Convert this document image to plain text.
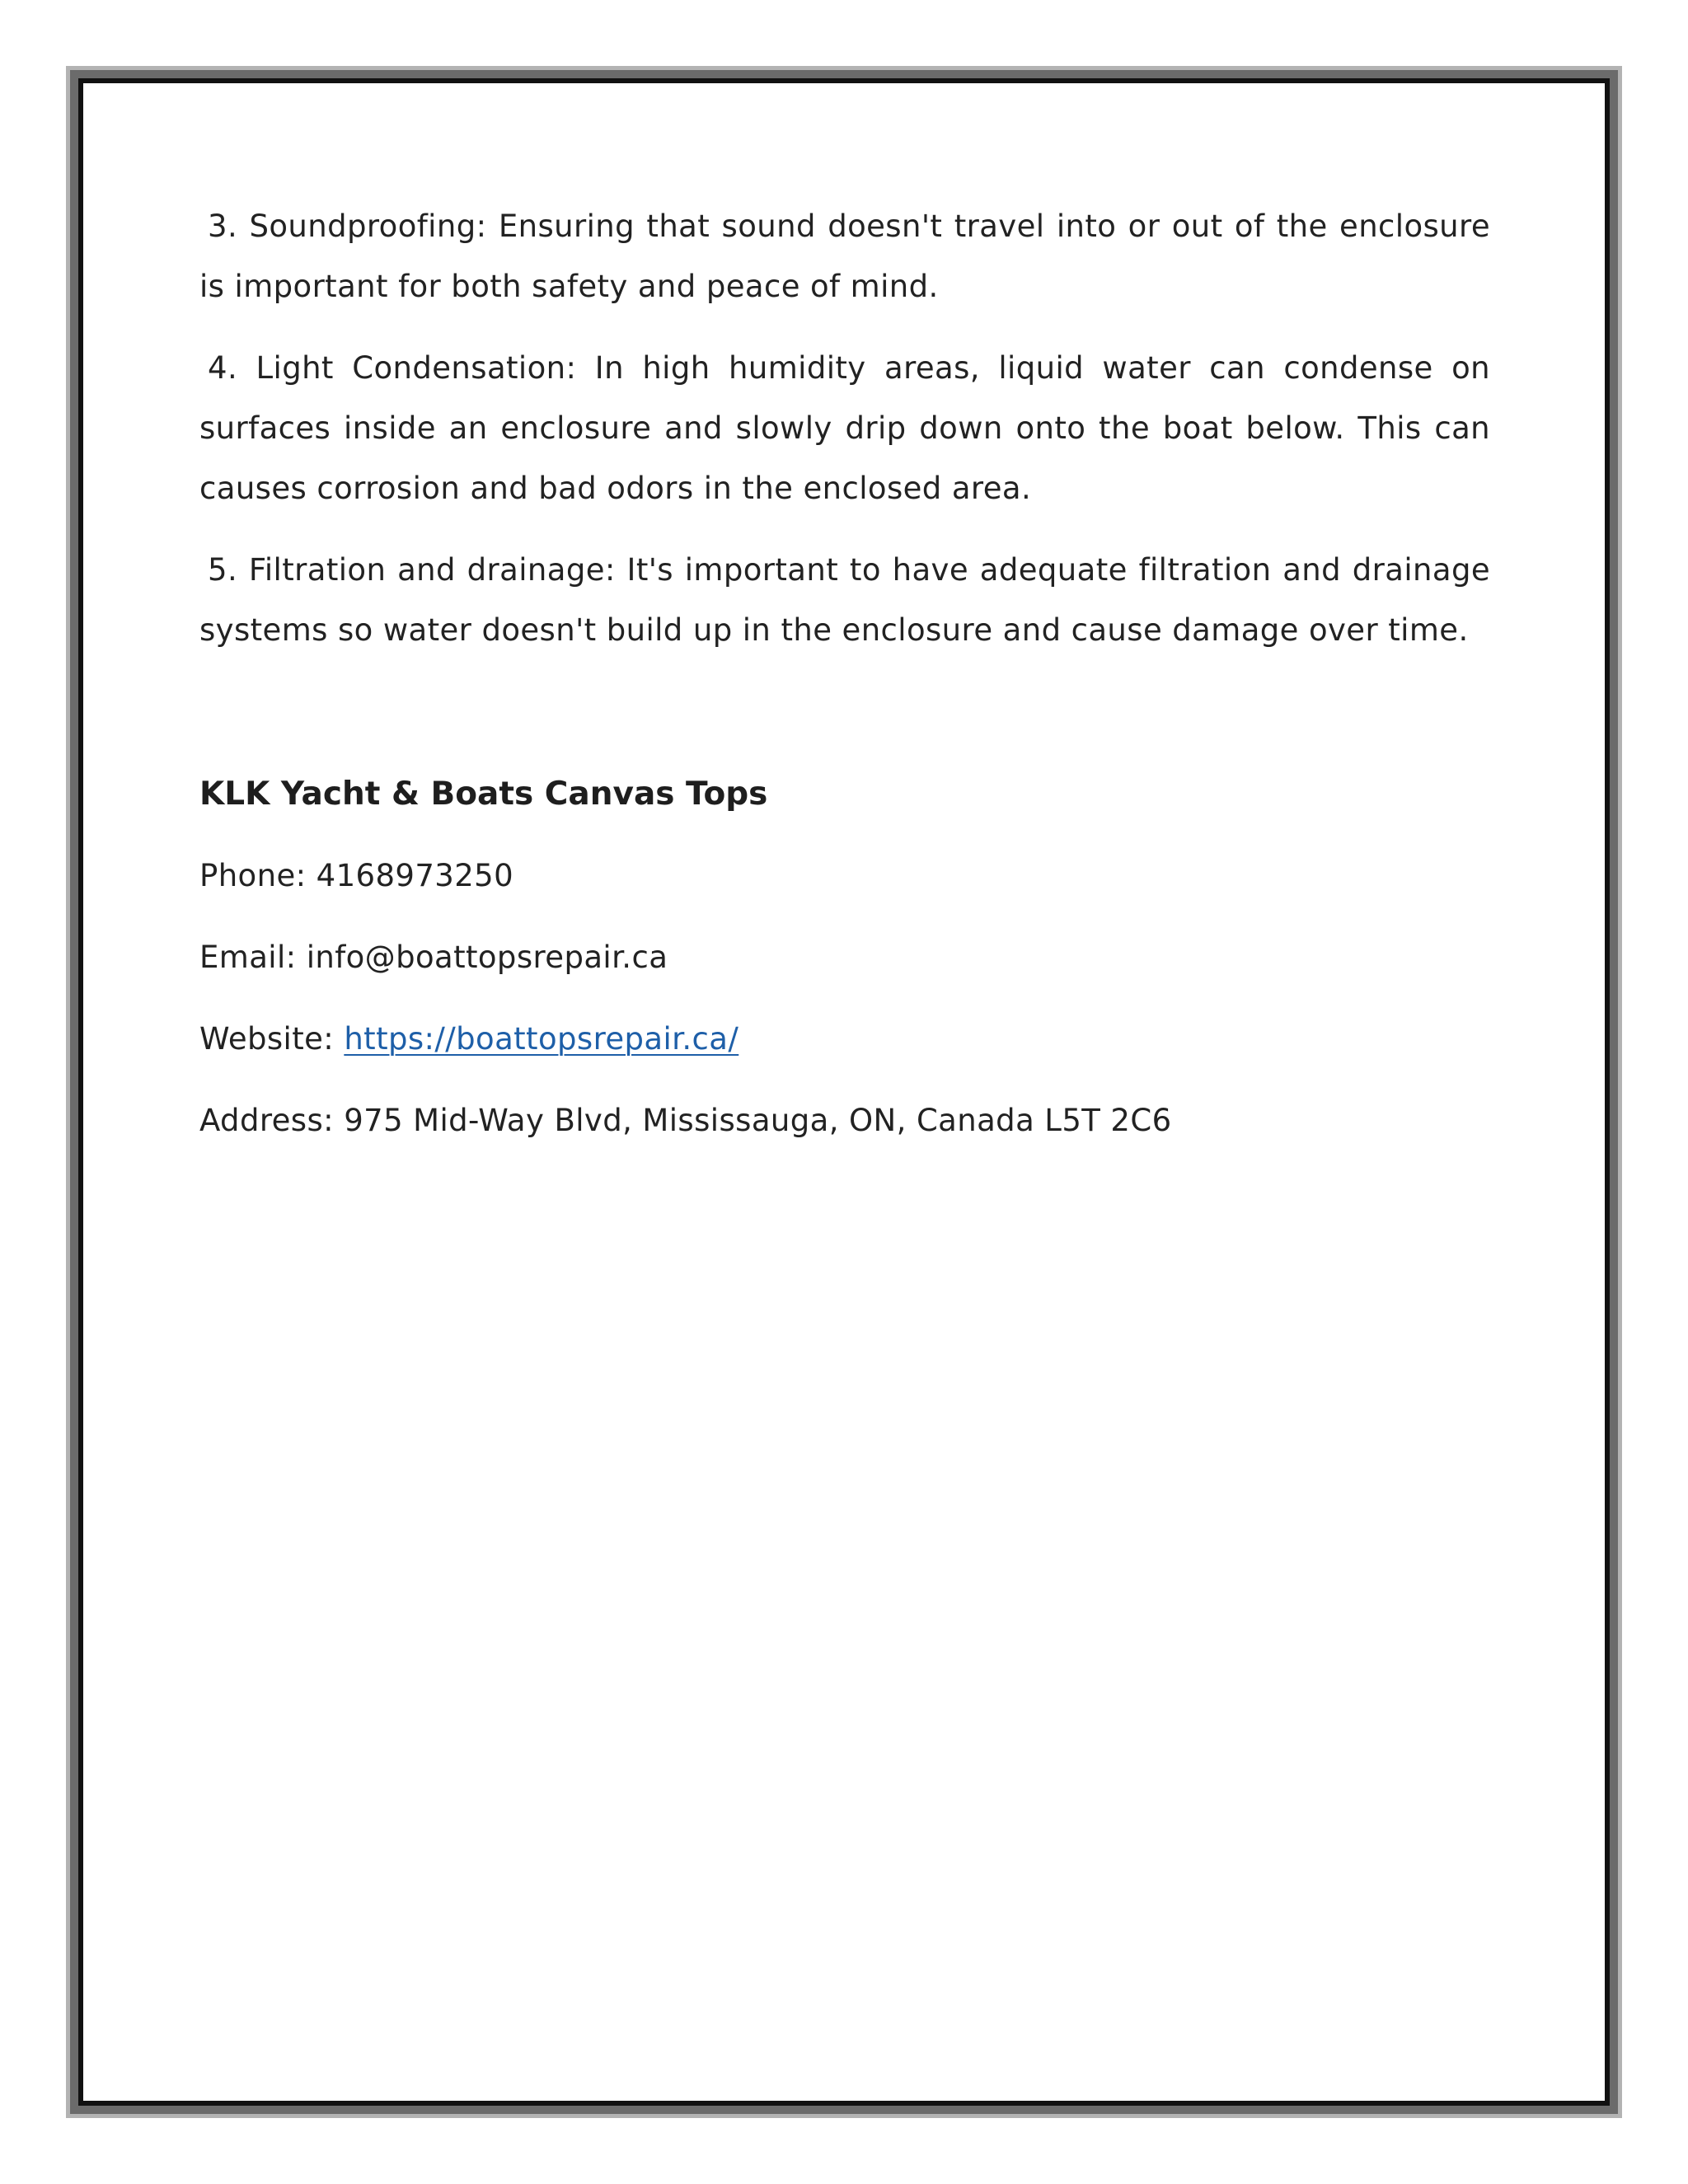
3. Soundproofing: Ensuring that sound doesn't travel into or out of the enclosure is important for both safety and peace of mind.

4. Light Condensation: In high humidity areas, liquid water can condense on surfaces inside an enclosure and slowly drip down onto the boat below. This can causes corrosion and bad odors in the enclosed area.

5. Filtration and drainage: It's important to have adequate filtration and drainage systems so water doesn't build up in the enclosure and cause damage over time.

KLK Yacht & Boats Canvas Tops
Phone: 4168973250
Email: info@boattopsrepair.ca
Website: https://boattopsrepair.ca/
Address: 975 Mid-Way Blvd, Mississauga, ON, Canada L5T 2C6
